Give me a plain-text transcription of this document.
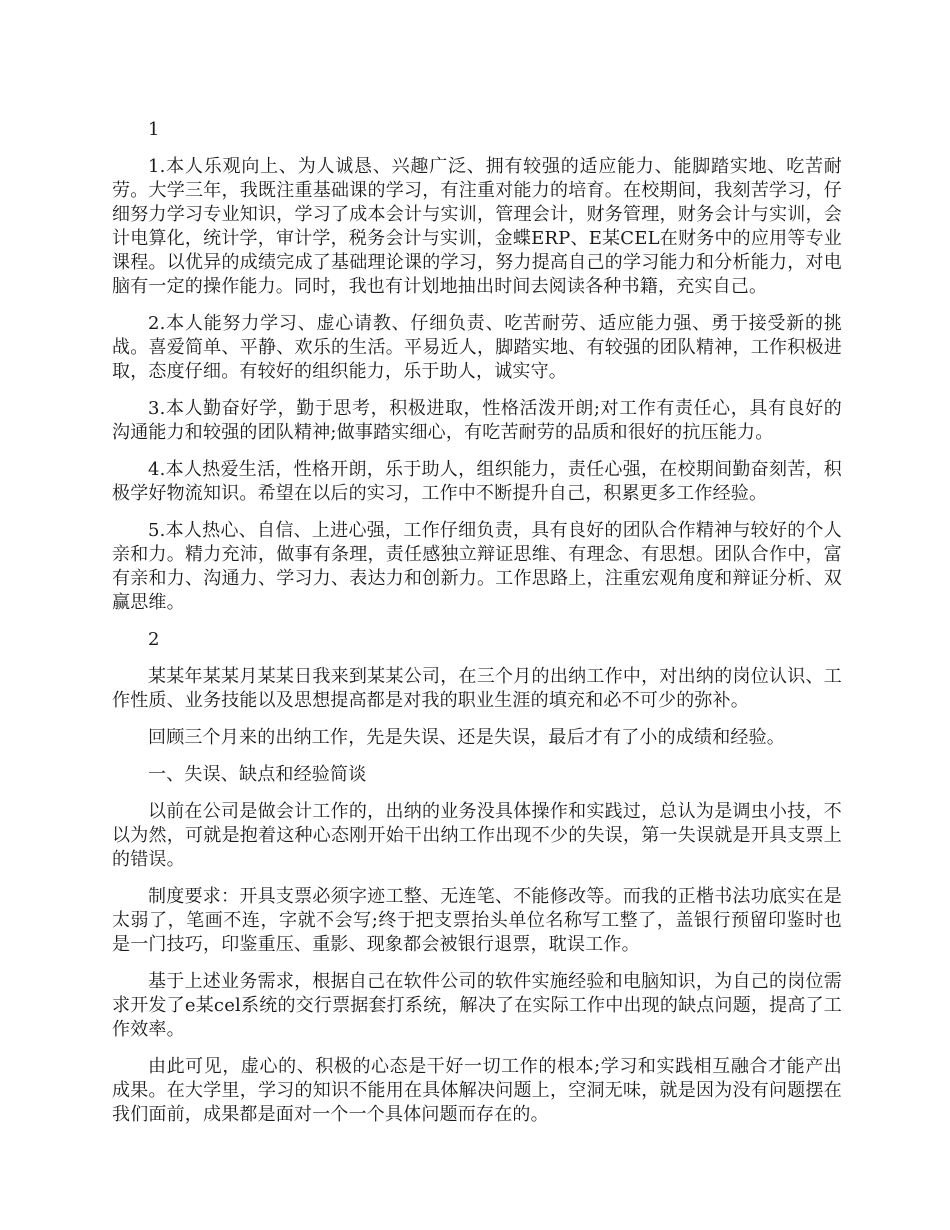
1

1.本人乐观向上、为人诚恳、兴趣广泛、拥有较强的适应能力、能脚踏实地、吃苦耐劳。大学三年，我既注重基础课的学习，有注重对能力的培育。在校期间，我刻苦学习，仔细努力学习专业知识，学习了成本会计与实训，管理会计，财务管理，财务会计与实训，会计电算化，统计学，审计学，税务会计与实训，金蝶ERP、E某CEL在财务中的应用等专业课程。以优异的成绩完成了基础理论课的学习，努力提高自己的学习能力和分析能力，对电脑有一定的操作能力。同时，我也有计划地抽出时间去阅读各种书籍，充实自己。

2.本人能努力学习、虚心请教、仔细负责、吃苦耐劳、适应能力强、勇于接受新的挑战。喜爱简单、平静、欢乐的生活。平易近人，脚踏实地、有较强的团队精神，工作积极进取，态度仔细。有较好的组织能力，乐于助人，诚实守。

3.本人勤奋好学，勤于思考，积极进取，性格活泼开朗;对工作有责任心，具有良好的沟通能力和较强的团队精神;做事踏实细心，有吃苦耐劳的品质和很好的抗压能力。

4.本人热爱生活，性格开朗，乐于助人，组织能力，责任心强，在校期间勤奋刻苦，积极学好物流知识。希望在以后的实习，工作中不断提升自己，积累更多工作经验。

5.本人热心、自信、上进心强，工作仔细负责，具有良好的团队合作精神与较好的个人亲和力。精力充沛，做事有条理，责任感独立辩证思维、有理念、有思想。团队合作中，富有亲和力、沟通力、学习力、表达力和创新力。工作思路上，注重宏观角度和辩证分析、双赢思维。

2

某某年某某月某某日我来到某某公司，在三个月的出纳工作中，对出纳的岗位认识、工作性质、业务技能以及思想提高都是对我的职业生涯的填充和必不可少的弥补。

回顾三个月来的出纳工作，先是失误、还是失误，最后才有了小的成绩和经验。

一、失误、缺点和经验简谈

以前在公司是做会计工作的，出纳的业务没具体操作和实践过，总认为是调虫小技，不以为然，可就是抱着这种心态刚开始干出纳工作出现不少的失误，第一失误就是开具支票上的错误。

制度要求：开具支票必须字迹工整、无连笔、不能修改等。而我的正楷书法功底实在是太弱了，笔画不连，字就不会写;终于把支票抬头单位名称写工整了，盖银行预留印鉴时也是一门技巧，印鉴重压、重影、现象都会被银行退票，耽误工作。

基于上述业务需求，根据自己在软件公司的软件实施经验和电脑知识，为自己的岗位需求开发了e某cel系统的交行票据套打系统，解决了在实际工作中出现的缺点问题，提高了工作效率。

由此可见，虚心的、积极的心态是干好一切工作的根本;学习和实践相互融合才能产出成果。在大学里，学习的知识不能用在具体解决问题上，空洞无味，就是因为没有问题摆在我们面前，成果都是面对一个一个具体问题而存在的。
